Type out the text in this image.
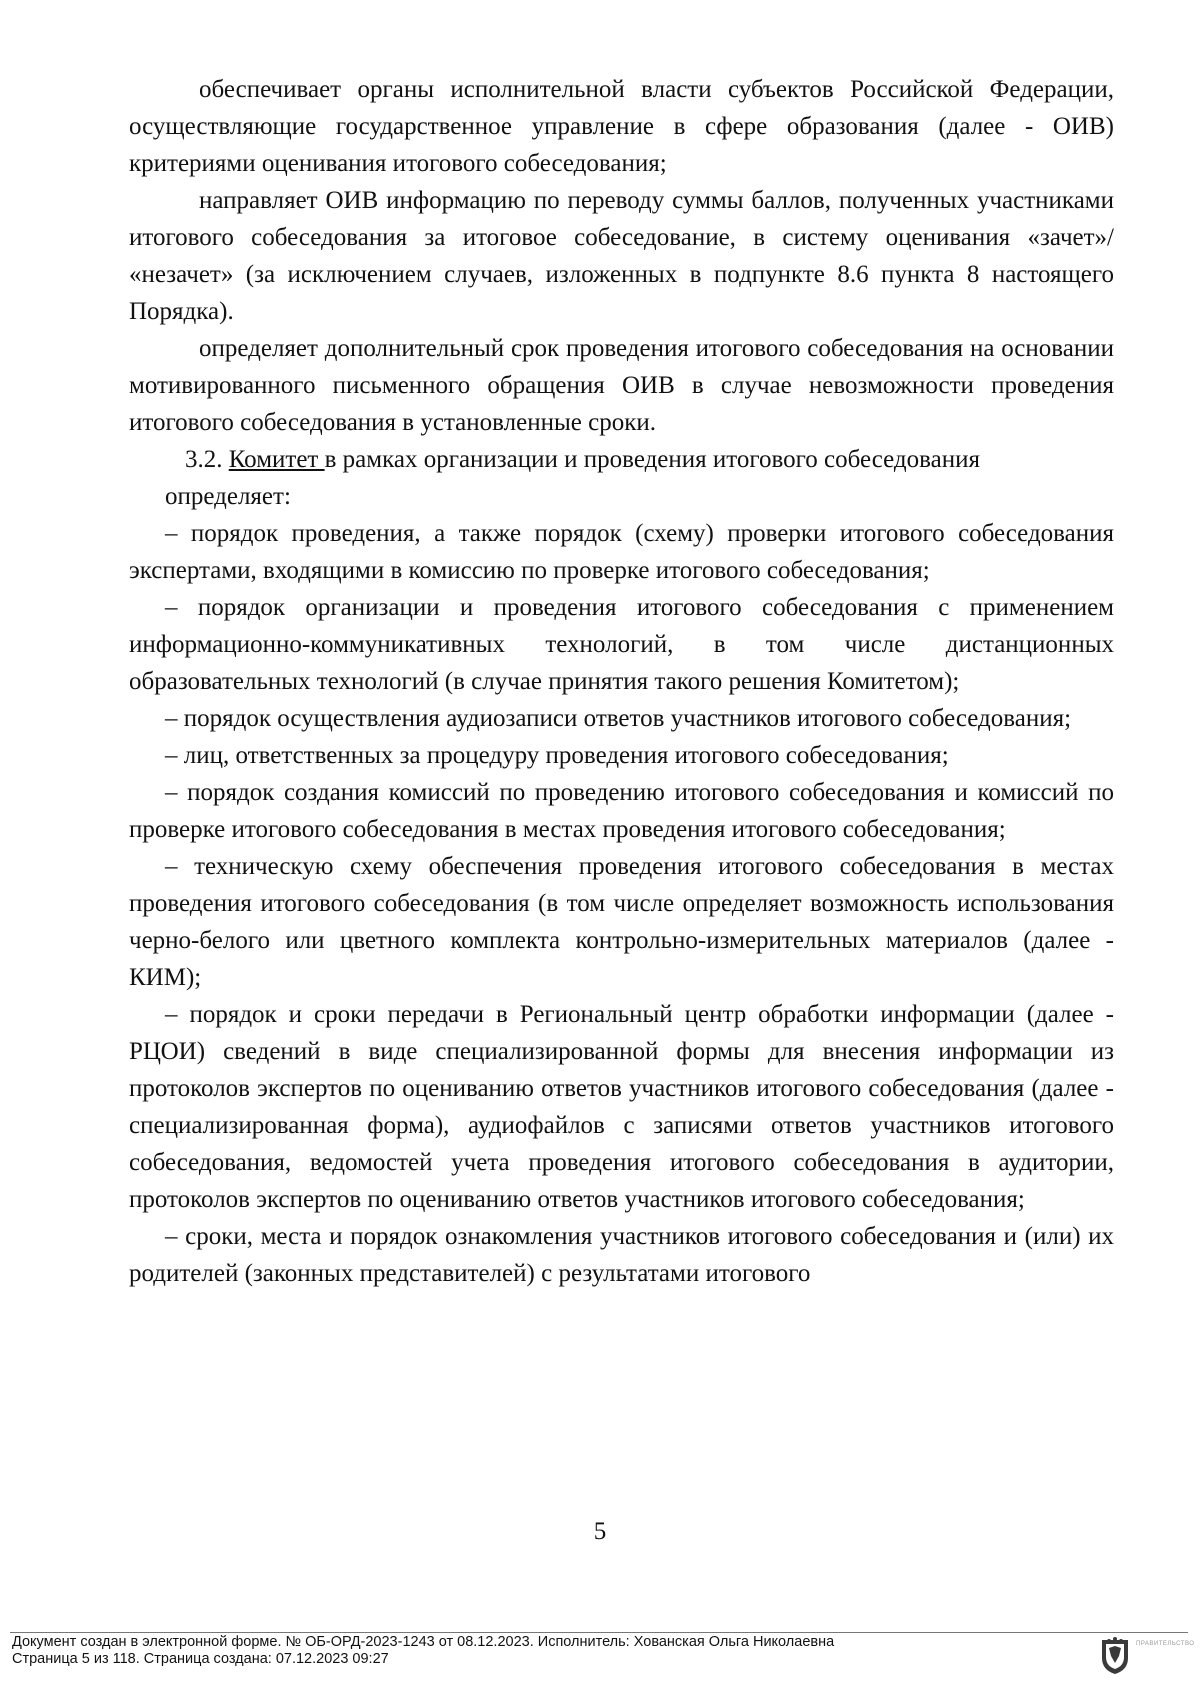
обеспечивает органы исполнительной власти субъектов Российской Федерации, осуществляющие государственное управление в сфере образования (далее - ОИВ) критериями оценивания итогового собеседования;

направляет ОИВ информацию по переводу суммы баллов, полученных участниками итогового собеседования за итоговое собеседование, в систему оценивания «зачет»/ «незачет» (за исключением случаев, изложенных в подпункте 8.6 пункта 8 настоящего Порядка).

определяет дополнительный срок проведения итогового собеседования на основании мотивированного письменного обращения ОИВ в случае невозможности проведения итогового собеседования в установленные сроки.

3.2. Комитет в рамках организации и проведения итогового собеседования

определяет:

– порядок проведения, а также порядок (схему) проверки итогового собеседования экспертами, входящими в комиссию по проверке итогового собеседования;

– порядок организации и проведения итогового собеседования с применением информационно-коммуникативных технологий, в том числе дистанционных образовательных технологий (в случае принятия такого решения Комитетом);

– порядок осуществления аудиозаписи ответов участников итогового собеседования;

– лиц, ответственных за процедуру проведения итогового собеседования;

– порядок создания комиссий по проведению итогового собеседования и комиссий по проверке итогового собеседования в местах проведения итогового собеседования;

– техническую схему обеспечения проведения итогового собеседования в местах проведения итогового собеседования (в том числе определяет возможность использования черно-белого или цветного комплекта контрольно-измерительных материалов (далее - КИМ);

– порядок и сроки передачи в Региональный центр обработки информации (далее - РЦОИ) сведений в виде специализированной формы для внесения информации из протоколов экспертов по оцениванию ответов участников итогового собеседования (далее - специализированная форма), аудиофайлов с записями ответов участников итогового собеседования, ведомостей учета проведения итогового собеседования в аудитории, протоколов экспертов по оцениванию ответов участников итогового собеседования;

– сроки, места и порядок ознакомления участников итогового собеседования и (или) их родителей (законных представителей) с результатами итогового

5
Документ создан в электронной форме. № ОБ-ОРД-2023-1243 от 08.12.2023. Исполнитель: Хованская Ольга Николаевна
Страница 5 из 118. Страница создана: 07.12.2023 09:27
ПРАВИТЕЛЬСТВО
